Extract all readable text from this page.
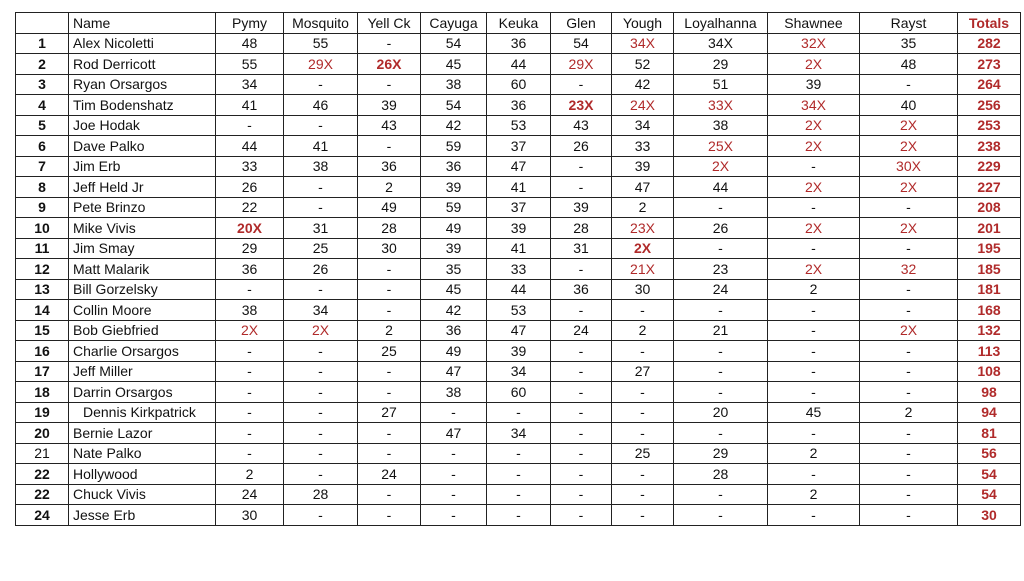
	Name	Pymy	Mosquito	Yell Ck	Cayuga	Keuka	Glen	Yough	Loyalhanna	Shawnee	Rayst	Totals
1	Alex Nicoletti	48	55	-	54	36	54	34X	34X	32X	35	282
2	Rod Derricott	55	29X	26X	45	44	29X	52	29	2X	48	273
3	Ryan Orsargos	34	-	-	38	60	-	42	51	39	-	264
4	Tim Bodenshatz	41	46	39	54	36	23X	24X	33X	34X	40	256
5	Joe Hodak	-	-	43	42	53	43	34	38	2X	2X	253
6	Dave Palko	44	41	-	59	37	26	33	25X	2X	2X	238
7	Jim Erb	33	38	36	36	47	-	39	2X	-	30X	229
8	Jeff Held Jr	26	-	2	39	41	-	47	44	2X	2X	227
9	Pete Brinzo	22	-	49	59	37	39	2	-	-	-	208
10	Mike Vivis	20X	31	28	49	39	28	23X	26	2X	2X	201
11	Jim Smay	29	25	30	39	41	31	2X	-	-	-	195
12	Matt Malarik	36	26	-	35	33	-	21X	23	2X	32	185
13	Bill Gorzelsky	-	-	-	45	44	36	30	24	2	-	181
14	Collin Moore	38	34	-	42	53	-	-	-	-	-	168
15	Bob Giebfried	2X	2X	2	36	47	24	2	21	-	2X	132
16	Charlie Orsargos	-	-	25	49	39	-	-	-	-	-	113
17	Jeff Miller	-	-	-	47	34	-	27	-	-	-	108
18	Darrin Orsargos	-	-	-	38	60	-	-	-	-	-	98
19	Dennis Kirkpatrick	-	-	27	-	-	-	-	20	45	2	94
20	Bernie Lazor	-	-	-	47	34	-	-	-	-	-	81
21	Nate Palko	-	-	-	-	-	-	25	29	2	-	56
22	Hollywood	2	-	24	-	-	-	-	28	-	-	54
22	Chuck Vivis	24	28	-	-	-	-	-	-	2	-	54
24	Jesse Erb	30	-	-	-	-	-	-	-	-	-	30
